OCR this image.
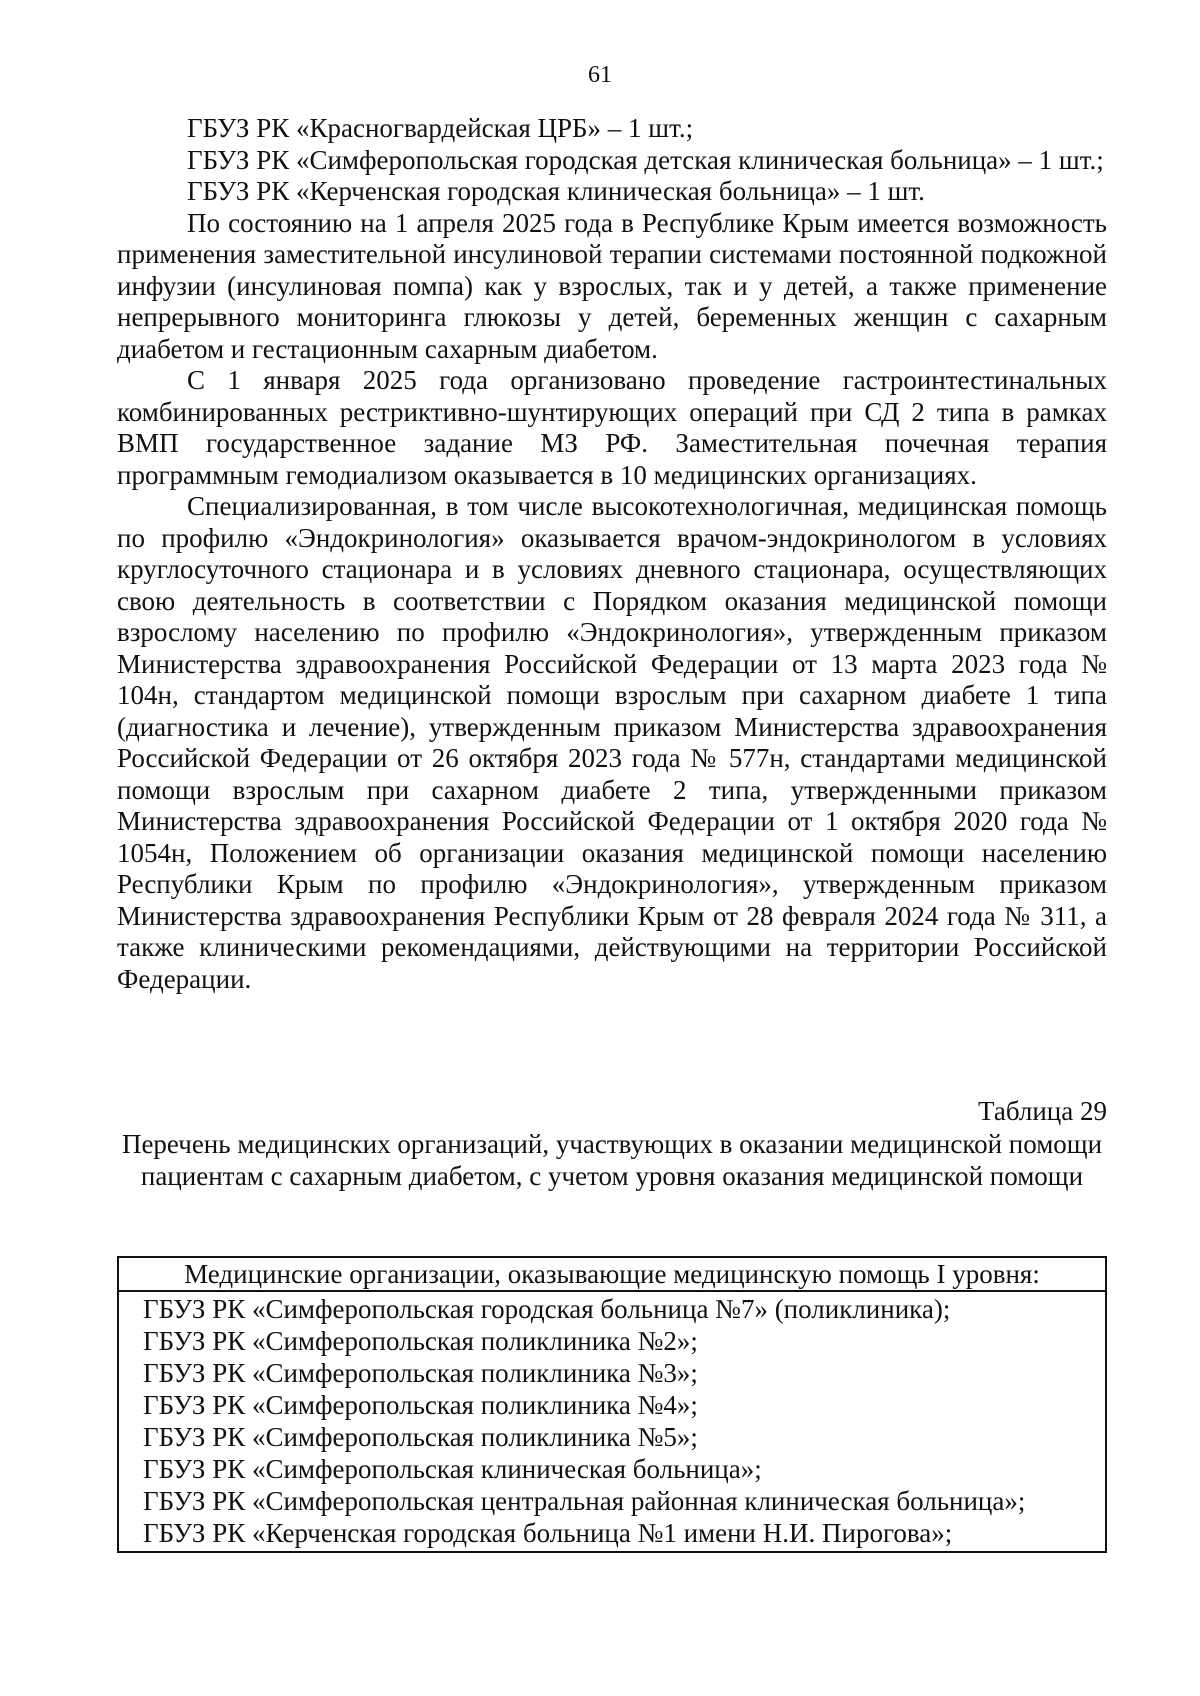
61

ГБУЗ РК «Красногвардейская ЦРБ» – 1 шт.;

ГБУЗ РК «Симферопольская городская детская клиническая больница» – 1 шт.;

ГБУЗ РК «Керченская городская клиническая больница» – 1 шт.

По состоянию на 1 апреля 2025 года в Республике Крым имеется возможность применения заместительной инсулиновой терапии системами постоянной подкожной инфузии (инсулиновая помпа) как у взрослых, так и у детей, а также применение непрерывного мониторинга глюкозы у детей, беременных женщин с сахарным диабетом и гестационным сахарным диабетом.

С 1 января 2025 года организовано проведение гастроинтестинальных комбинированных рестриктивно-шунтирующих операций при СД 2 типа в рамках ВМП государственное задание МЗ РФ. Заместительная почечная терапия программным гемодиализом оказывается в 10 медицинских организациях.

Специализированная, в том числе высокотехнологичная, медицинская помощь по профилю «Эндокринология» оказывается врачом-эндокринологом в условиях круглосуточного стационара и в условиях дневного стационара, осуществляющих свою деятельность в соответствии с Порядком оказания медицинской помощи взрослому населению по профилю «Эндокринология», утвержденным приказом Министерства здравоохранения Российской Федерации от 13 марта 2023 года № 104н, стандартом медицинской помощи взрослым при сахарном диабете 1 типа (диагностика и лечение), утвержденным приказом Министерства здравоохранения Российской Федерации от 26 октября 2023 года № 577н, стандартами медицинской помощи взрослым при сахарном диабете 2 типа, утвержденными приказом Министерства здравоохранения Российской Федерации от 1 октября 2020 года № 1054н, Положением об организации оказания медицинской помощи населению Республики Крым по профилю «Эндокринология», утвержденным приказом Министерства здравоохранения Республики Крым от 28 февраля 2024 года № 311, а также клиническими рекомендациями, действующими на территории Российской Федерации.

Таблица 29
Перечень медицинских организаций, участвующих в оказании медицинской помощи пациентам с сахарным диабетом, с учетом уровня оказания медицинской помощи
Медицинские организации, оказывающие медицинскую помощь I уровня:

ГБУЗ РК «Симферопольская городская больница №7» (поликлиника);

ГБУЗ РК «Симферопольская поликлиника №2»;

ГБУЗ РК «Симферопольская поликлиника №3»;

ГБУЗ РК «Симферопольская поликлиника №4»;

ГБУЗ РК «Симферопольская поликлиника №5»;

ГБУЗ РК «Симферопольская клиническая больница»;

ГБУЗ РК «Симферопольская центральная районная клиническая больница»;

ГБУЗ РК «Керченская городская больница №1 имени Н.И. Пирогова»;
